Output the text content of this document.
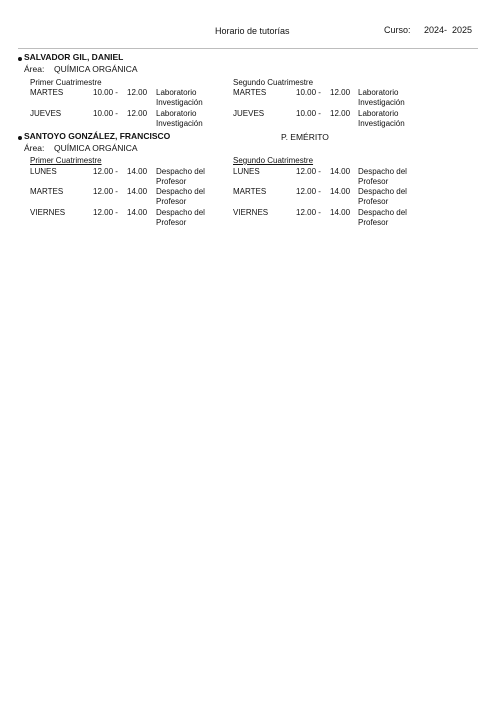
Horario de tutorías	Curso: 2024-  2025
SALVADOR GIL, DANIEL
Área: QUÍMICA ORGÁNICA
Primer Cuatrimestre	Segundo Cuatrimestre
MARTES	10.00 - 12.00 Laboratorio Investigación
JUEVES	10.00 - 12.00 Laboratorio Investigación
MARTES	10.00 - 12.00 Laboratorio Investigación
JUEVES	10.00 - 12.00 Laboratorio Investigación
SANTOYO GONZÁLEZ, FRANCISCO	P. EMÉRITO
Área: QUÍMICA ORGÁNICA
Primer Cuatrimestre	Segundo Cuatrimestre
LUNES	12.00 - 14.00 Despacho del Profesor
MARTES	12.00 - 14.00 Despacho del Profesor
VIERNES	12.00 - 14.00 Despacho del Profesor
LUNES	12.00 - 14.00 Despacho del Profesor
MARTES	12.00 - 14.00 Despacho del Profesor
VIERNES	12.00 - 14.00 Despacho del Profesor
